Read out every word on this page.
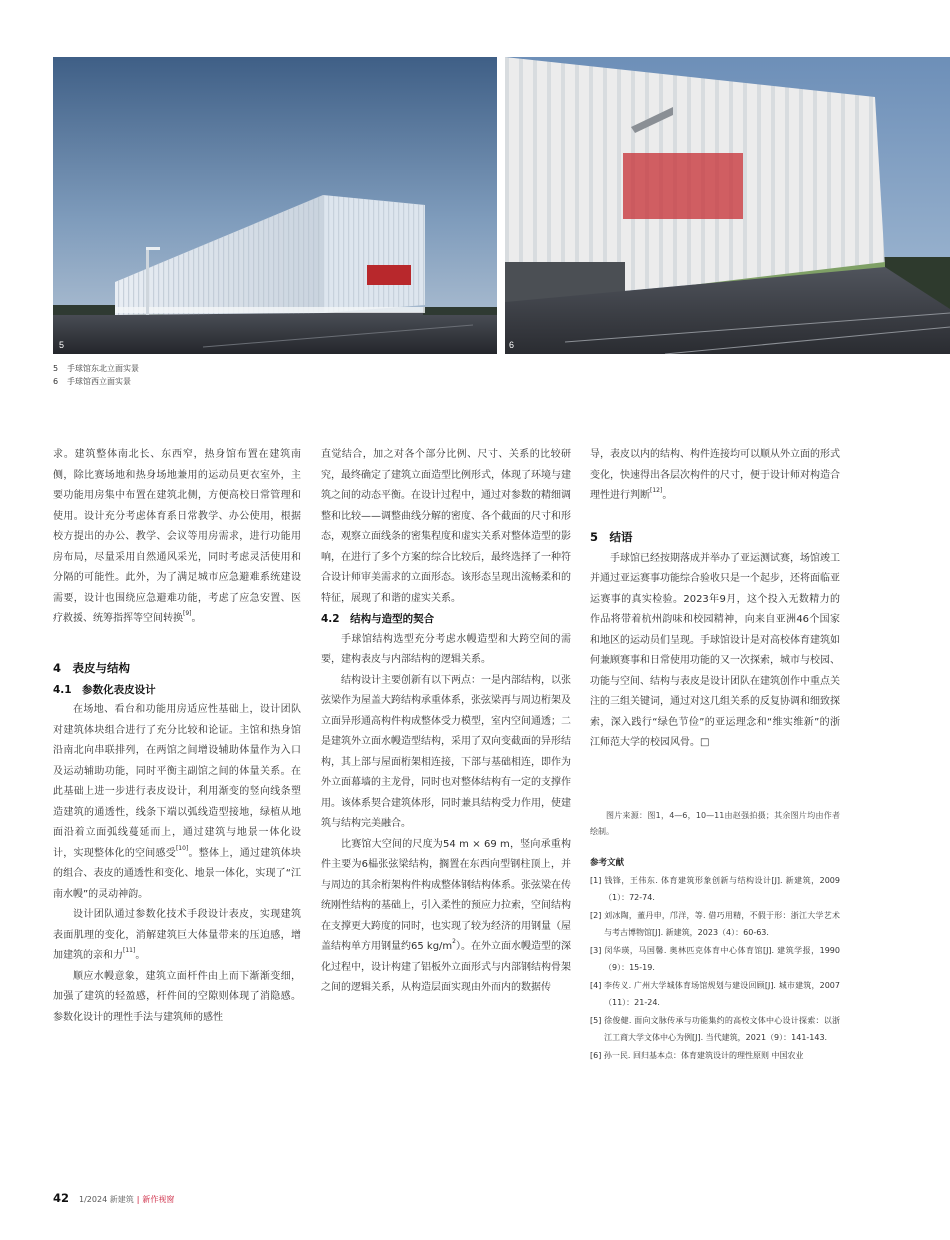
5	6
5 手球馆东北立面实景
6 手球馆西立面实景

求。建筑整体南北长、东西窄，热身馆布置在建筑南侧，除比赛场地和热身场地兼用的运动员更衣室外，主要功能用房集中布置在建筑北侧，方便高校日常管理和使用。设计充分考虑体育系日常教学、办公使用，根据校方提出的办公、教学、会议等用房需求，进行功能用房布局，尽量采用自然通风采光，同时考虑灵活使用和分隔的可能性。此外，为了满足城市应急避难系统建设需要，设计也围绕应急避难功能，考虑了应急安置、医疗救援、统筹指挥等空间转换[9]。

4　表皮与结构
4.1　参数化表皮设计

在场地、看台和功能用房适应性基础上，设计团队对建筑体块组合进行了充分比较和论证。主馆和热身馆沿南北向串联排列，在两馆之间增设辅助体量作为入口及运动辅助功能，同时平衡主副馆之间的体量关系。在此基础上进一步进行表皮设计，利用渐变的竖向线条塑造建筑的通透性，线条下端以弧线造型接地，绿植从地面沿着立面弧线蔓延而上，通过建筑与地景一体化设计，实现整体化的空间感受[10]。整体上，通过建筑体块的组合、表皮的通透性和变化、地景一体化，实现了“江南水幔”的灵动神韵。

设计团队通过参数化技术手段设计表皮，实现建筑表面肌理的变化，消解建筑巨大体量带来的压迫感，增加建筑的亲和力[11]。

顺应水幔意象，建筑立面杆件由上而下渐渐变细，加强了建筑的轻盈感，杆件间的空隙则体现了消隐感。参数化设计的理性手法与建筑师的感性

直觉结合，加之对各个部分比例、尺寸、关系的比较研究，最终确定了建筑立面造型比例形式，体现了环境与建筑之间的动态平衡。在设计过程中，通过对参数的精细调整和比较——调整曲线分解的密度、各个截面的尺寸和形态，观察立面线条的密集程度和虚实关系对整体造型的影响，在进行了多个方案的综合比较后，最终选择了一种符合设计师审美需求的立面形态。该形态呈现出流畅柔和的特征，展现了和谐的虚实关系。

4.2　结构与造型的契合

手球馆结构选型充分考虑水幔造型和大跨空间的需要，建构表皮与内部结构的逻辑关系。

结构设计主要创新有以下两点：一是内部结构，以张弦梁作为屋盖大跨结构承重体系，张弦梁再与周边桁架及立面异形通高构件构成整体受力模型，室内空间通透；二是建筑外立面水幔造型结构，采用了双向变截面的异形结构，其上部与屋面桁架相连接，下部与基础相连，即作为外立面幕墙的主龙骨，同时也对整体结构有一定的支撑作用。该体系契合建筑体形，同时兼具结构受力作用，使建筑与结构完美融合。

比赛馆大空间的尺度为54 m × 69 m，竖向承重构件主要为6榀张弦梁结构，搁置在东西向型钢柱顶上，并与周边的其余桁架构件构成整体钢结构体系。张弦梁在传统刚性结构的基础上，引入柔性的预应力拉索，空间结构在支撑更大跨度的同时，也实现了较为经济的用钢量（屋盖结构单方用钢量约65 $kg/m^2$）。在外立面水幔造型的深化过程中，设计构建了铝板外立面形式与内部钢结构骨架之间的逻辑关系，从构造层面实现由外而内的数据传

导，表皮以内的结构、构件连接均可以顺从外立面的形式变化，快速得出各层次构件的尺寸，便于设计师对构造合理性进行判断[12]。

5　结语

手球馆已经按期落成并举办了亚运测试赛，场馆竣工并通过亚运赛事功能综合验收只是一个起步，还将面临亚运赛事的真实检验。2023年9月，这个投入无数精力的作品将带着杭州韵味和校园精神，向来自亚洲46个国家和地区的运动员们呈现。手球馆设计是对高校体育建筑如何兼顾赛事和日常使用功能的又一次探索，城市与校园、功能与空间、结构与表皮是设计团队在建筑创作中重点关注的三组关键词，通过对这几组关系的反复协调和细致探索，深入践行“绿色节俭”的亚运理念和“维实维新”的浙江师范大学的校园风骨。□

图片来源：图1，4—6，10—11由赵强拍摄；其余图片均由作者绘制。

参考文献

[1] 钱锋，王伟东. 体育建筑形象创新与结构设计[J]. 新建筑，2009（1）：72-74.

[2] 刘冰陶，董丹申，邝洋，等. 借巧用精，不假于形：浙江大学艺术与考古博物馆[J]. 新建筑，2023（4）：60-63.

[3] 闵华瑛，马国馨. 奥林匹克体育中心体育馆[J]. 建筑学报，1990（9）：15-19.

[4] 李传义. 广州大学城体育场馆规划与建设回顾[J]. 城市建筑，2007（11）：21-24.

[5] 徐俊健. 面向文脉传承与功能集约的高校文体中心设计探索：以浙江工商大学文体中心为例[J]. 当代建筑，2021（9）：141-143.

[6] 孙一民. 回归基本点：体育建筑设计的理性原则 中国农业

42 1/2024 新建筑 | 新作视窗
